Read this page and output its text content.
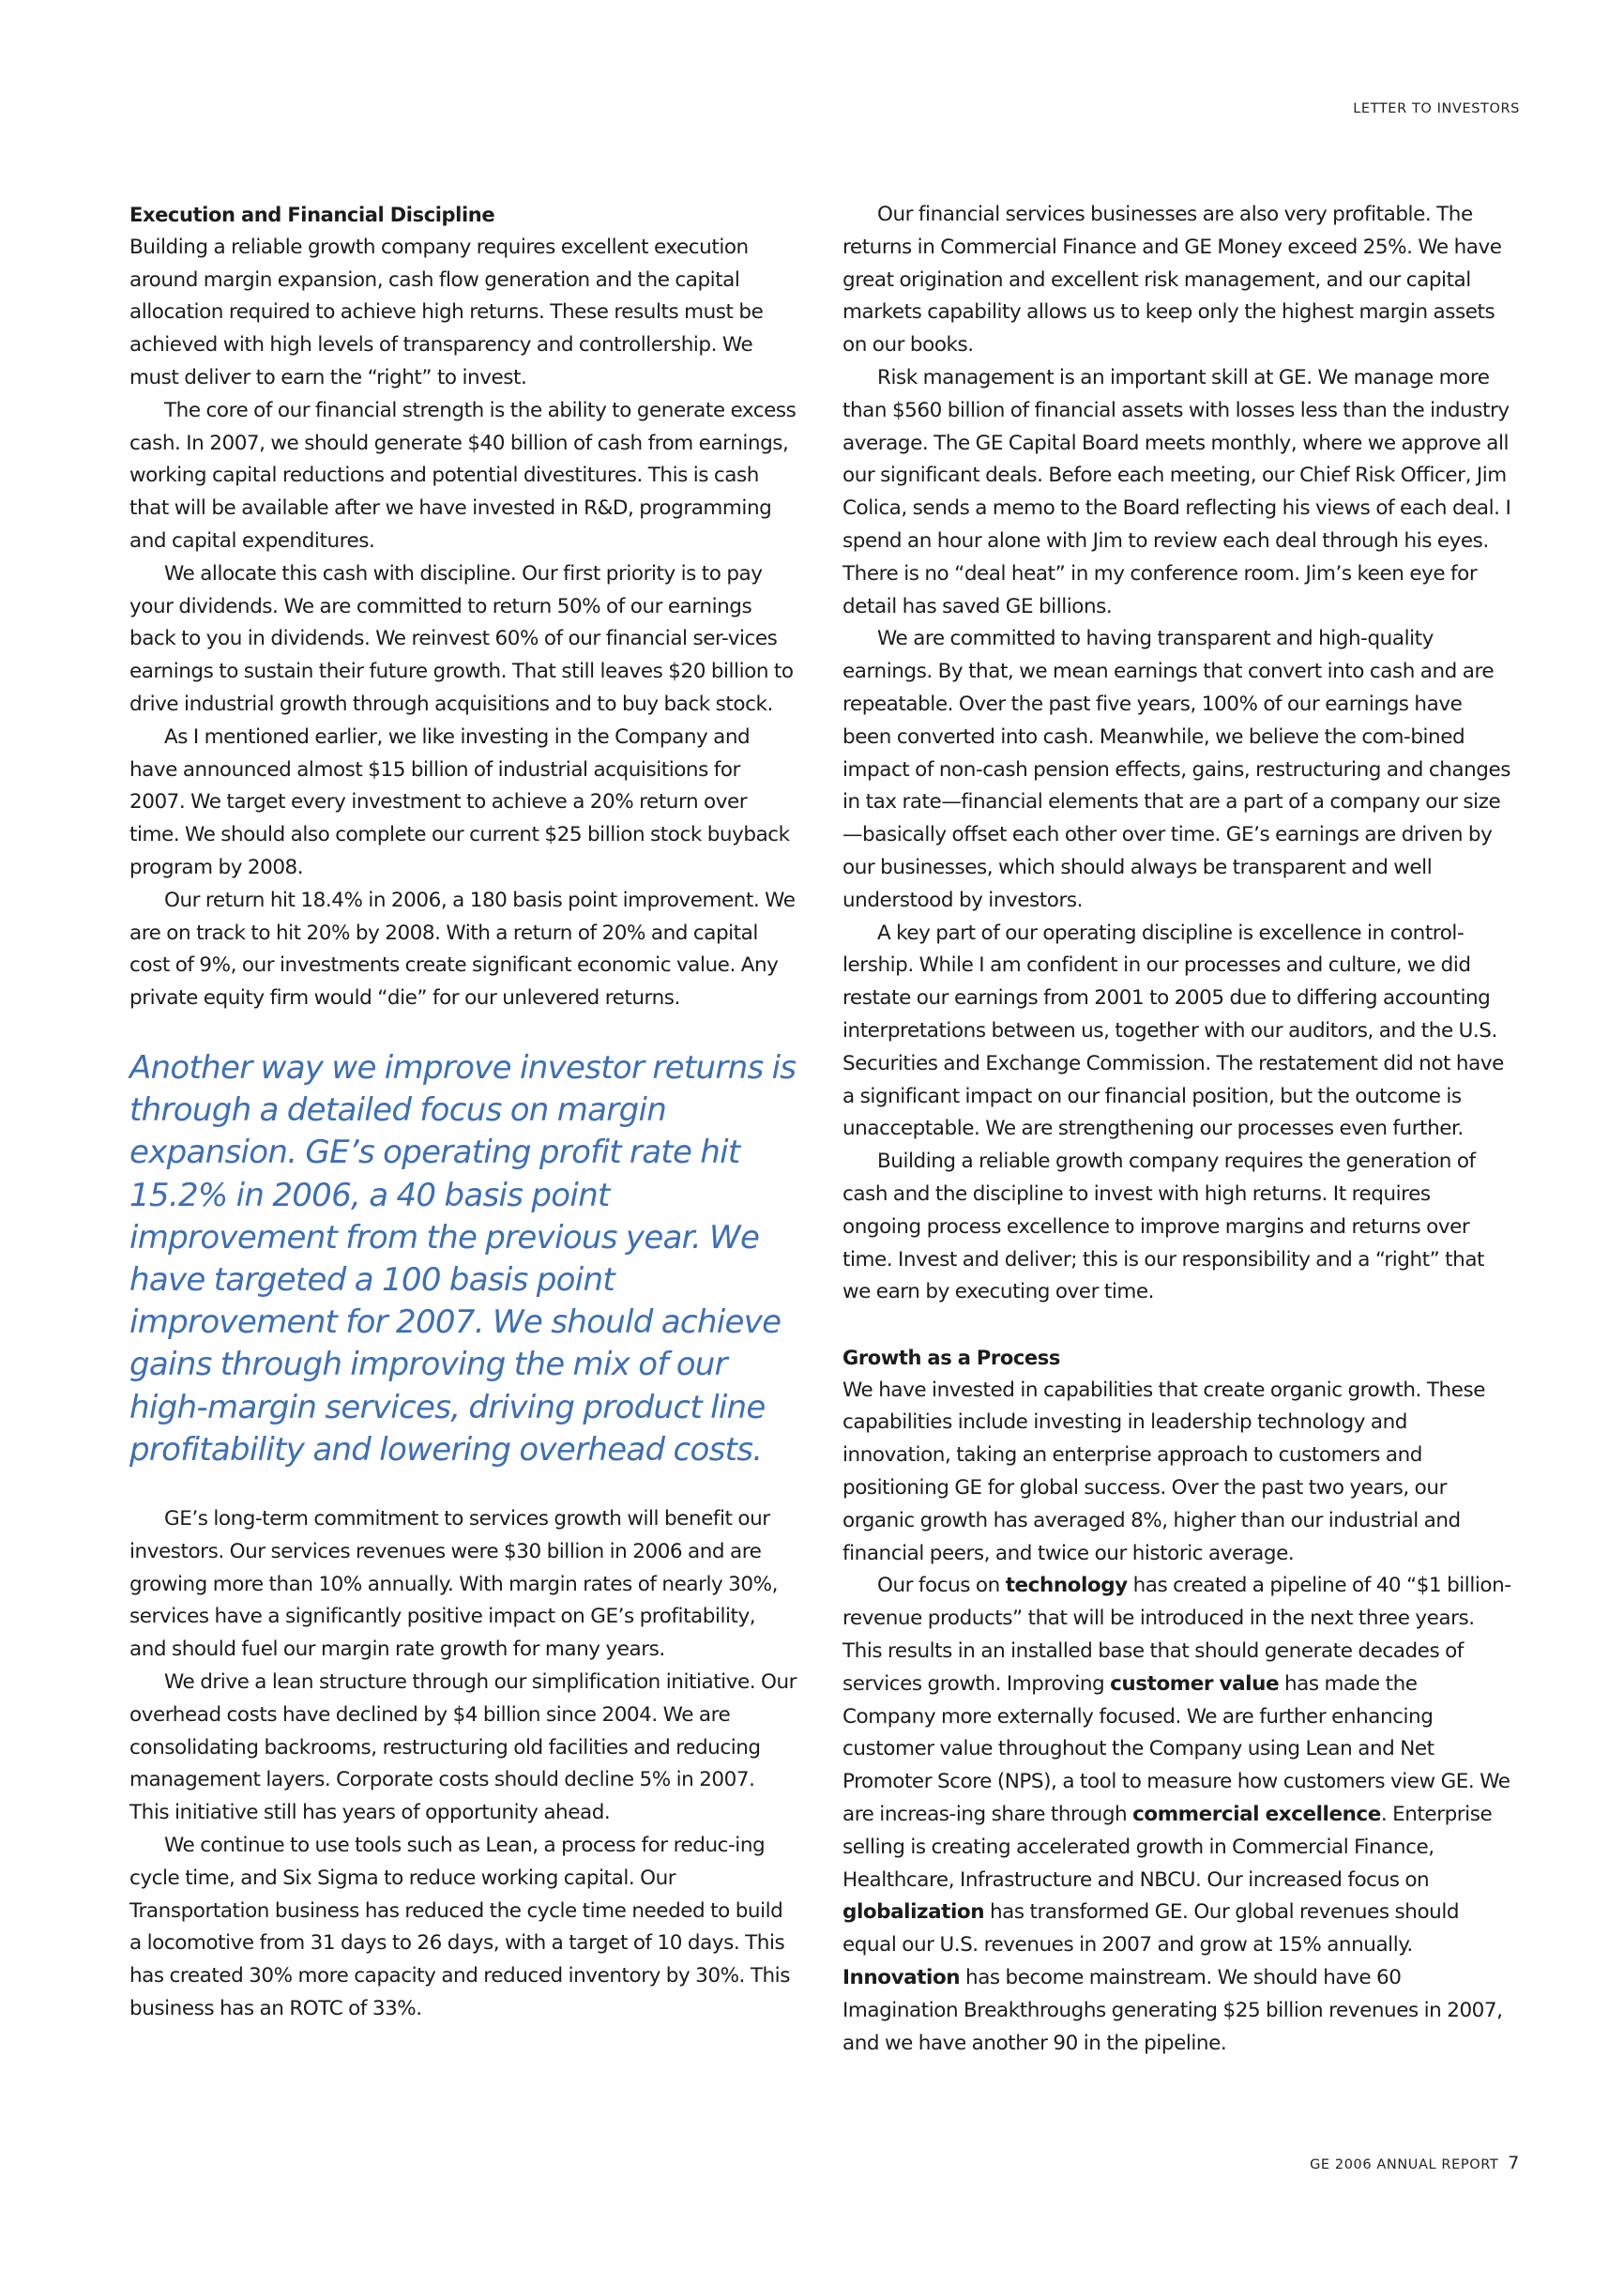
LETTER TO INVESTORS
Execution and Financial Discipline

Building a reliable growth company requires excellent execution around margin expansion, cash flow generation and the capital allocation required to achieve high returns. These results must be achieved with high levels of transparency and controllership. We must deliver to earn the “right” to invest.

The core of our financial strength is the ability to generate excess cash. In 2007, we should generate $40 billion of cash from earnings, working capital reductions and potential divestitures. This is cash that will be available after we have invested in R&D, programming and capital expenditures.

We allocate this cash with discipline. Our first priority is to pay your dividends. We are committed to return 50% of our earnings back to you in dividends. We reinvest 60% of our financial ser-vices earnings to sustain their future growth. That still leaves $20 billion to drive industrial growth through acquisitions and to buy back stock.

As I mentioned earlier, we like investing in the Company and have announced almost $15 billion of industrial acquisitions for 2007. We target every investment to achieve a 20% return over time. We should also complete our current $25 billion stock buyback program by 2008.

Our return hit 18.4% in 2006, a 180 basis point improvement. We are on track to hit 20% by 2008. With a return of 20% and capital cost of 9%, our investments create significant economic value. Any private equity firm would “die” for our unlevered returns.

Another way we improve investor returns is through a detailed focus on margin expansion. GE’s operating profit rate hit 15.2% in 2006, a 40 basis point improvement from the previous year. We have targeted a 100 basis point improvement for 2007. We should achieve gains through improving the mix of our high-margin services, driving product line profitability and lowering overhead costs.

GE’s long-term commitment to services growth will benefit our investors. Our services revenues were $30 billion in 2006 and are growing more than 10% annually. With margin rates of nearly 30%, services have a significantly positive impact on GE’s profitability, and should fuel our margin rate growth for many years.

We drive a lean structure through our simplification initiative. Our overhead costs have declined by $4 billion since 2004. We are consolidating backrooms, restructuring old facilities and reducing management layers. Corporate costs should decline 5% in 2007. This initiative still has years of opportunity ahead.

We continue to use tools such as Lean, a process for reduc-ing cycle time, and Six Sigma to reduce working capital. Our Transportation business has reduced the cycle time needed to build a locomotive from 31 days to 26 days, with a target of 10 days. This has created 30% more capacity and reduced inventory by 30%. This business has an ROTC of 33%.

Our financial services businesses are also very profitable. The returns in Commercial Finance and GE Money exceed 25%. We have great origination and excellent risk management, and our capital markets capability allows us to keep only the highest margin assets on our books.

Risk management is an important skill at GE. We manage more than $560 billion of financial assets with losses less than the industry average. The GE Capital Board meets monthly, where we approve all our significant deals. Before each meeting, our Chief Risk Officer, Jim Colica, sends a memo to the Board reflecting his views of each deal. I spend an hour alone with Jim to review each deal through his eyes. There is no “deal heat” in my conference room. Jim’s keen eye for detail has saved GE billions.

We are committed to having transparent and high-quality earnings. By that, we mean earnings that convert into cash and are repeatable. Over the past five years, 100% of our earnings have been converted into cash. Meanwhile, we believe the com-bined impact of non-cash pension effects, gains, restructuring and changes in tax rate—financial elements that are a part of a company our size—basically offset each other over time. GE’s earnings are driven by our businesses, which should always be transparent and well understood by investors.

A key part of our operating discipline is excellence in control-lership. While I am confident in our processes and culture, we did restate our earnings from 2001 to 2005 due to differing accounting interpretations between us, together with our auditors, and the U.S. Securities and Exchange Commission. The restatement did not have a significant impact on our financial position, but the outcome is unacceptable. We are strengthening our processes even further.

Building a reliable growth company requires the generation of cash and the discipline to invest with high returns. It requires ongoing process excellence to improve margins and returns over time. Invest and deliver; this is our responsibility and a “right” that we earn by executing over time.

Growth as a Process

We have invested in capabilities that create organic growth. These capabilities include investing in leadership technology and innovation, taking an enterprise approach to customers and positioning GE for global success. Over the past two years, our organic growth has averaged 8%, higher than our industrial and financial peers, and twice our historic average.

Our focus on technology has created a pipeline of 40 “$1 billion-revenue products” that will be introduced in the next three years. This results in an installed base that should generate decades of services growth. Improving customer value has made the Company more externally focused. We are further enhancing customer value throughout the Company using Lean and Net Promoter Score (NPS), a tool to measure how customers view GE. We are increas-ing share through commercial excellence. Enterprise selling is creating accelerated growth in Commercial Finance, Healthcare, Infrastructure and NBCU. Our increased focus on globalization has transformed GE. Our global revenues should equal our U.S. revenues in 2007 and grow at 15% annually. Innovation has become mainstream. We should have 60 Imagination Breakthroughs generating $25 billion revenues in 2007, and we have another 90 in the pipeline.

GE 2006 ANNUAL REPORT 7
